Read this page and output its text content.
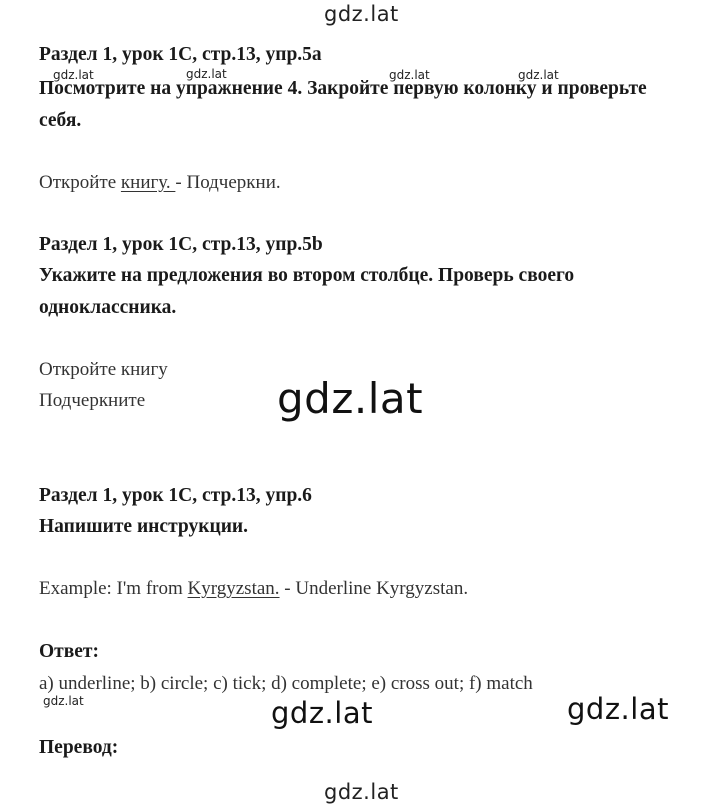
gdz.lat
gdz.lat	gdz.lat	gdz.lat	gdz.lat
Раздел 1, урок 1C, стр.13, упр.5a
Посмотрите на упражнение 4. Закройте первую колонку и проверьте
себя.
Откройте книгу. - Подчеркни.
Раздел 1, урок 1C, стр.13, упр.5b
Укажите на предложения во втором столбце. Проверь своего
одноклассника.
Откройте книгу
Подчеркните	gdz.lat
Раздел 1, урок 1C, стр.13, упр.6
Напишите инструкции.
Example: I'm from Kyrgyzstan. - Underline Kyrgyzstan.
Ответ:
a) underline; b) circle; c) tick; d) complete; e) cross out; f) match
gdz.lat	gdz.lat	gdz.lat
Перевод:
gdz.lat
